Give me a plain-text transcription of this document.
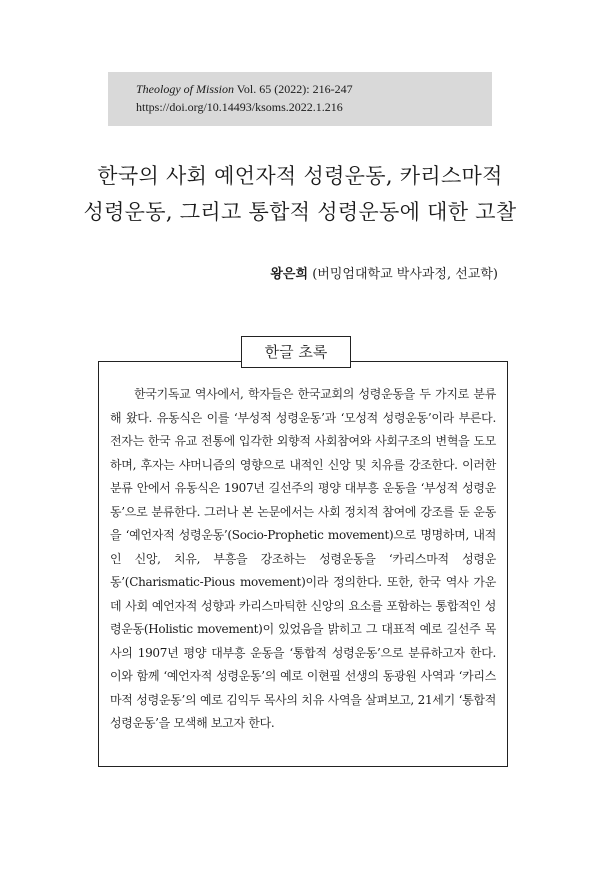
Theology of Mission Vol. 65 (2022): 216-247
https://doi.org/10.14493/ksoms.2022.1.216
한국의 사회 예언자적 성령운동, 카리스마적
성령운동, 그리고 통합적 성령운동에 대한 고찰
왕은희 (버밍엄대학교 박사과정, 선교학)
한글 초록
한국기독교 역사에서, 학자들은 한국교회의 성령운동을 두 가지로 분류해 왔다. 유동식은 이를 ‘부성적 성령운동’과 ‘모성적 성령운동’이라 부른다. 전자는 한국 유교 전통에 입각한 외향적 사회참여와 사회구조의 변혁을 도모하며, 후자는 샤머니즘의 영향으로 내적인 신앙 및 치유를 강조한다. 이러한 분류 안에서 유동식은 1907년 길선주의 평양 대부흥 운동을 ‘부성적 성령운동’으로 분류한다. 그러나 본 논문에서는 사회 정치적 참여에 강조를 둔 운동을 ‘예언자적 성령운동’(Socio-Prophetic movement)으로 명명하며, 내적인 신앙, 치유, 부흥을 강조하는 성령운동을 ‘카리스마적 성령운동’(Charismatic-Pious movement)이라 정의한다. 또한, 한국 역사 가운데 사회 예언자적 성향과 카리스마틱한 신앙의 요소를 포함하는 통합적인 성령운동(Holistic movement)이 있었음을 밝히고 그 대표적 예로 길선주 목사의 1907년 평양 대부흥 운동을 ‘통합적 성령운동’으로 분류하고자 한다. 이와 함께 ‘예언자적 성령운동’의 예로 이현필 선생의 동광원 사역과 ‘카리스마적 성령운동’의 예로 김익두 목사의 치유 사역을 살펴보고, 21세기 ‘통합적 성령운동’을 모색해 보고자 한다.
